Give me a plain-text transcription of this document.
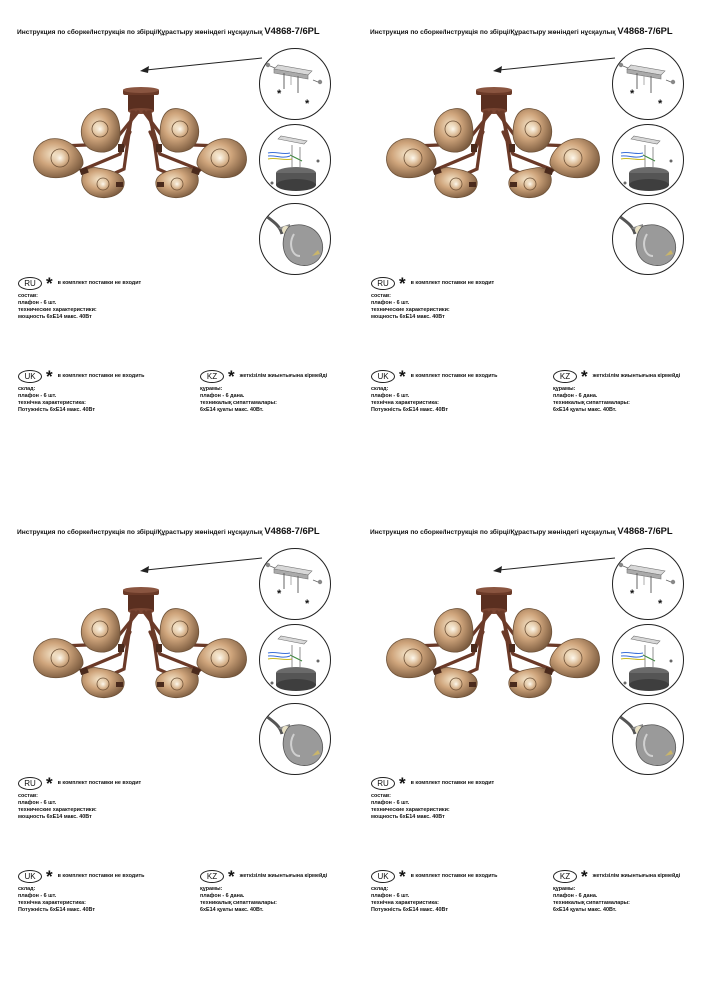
Инструкция по сборке/Інструкція по збірці/Құрастыру жөніндегі нұсқаулық V4868-7/6PL
*
*
RU * в комплект поставки не входит
состав:
плафон - 6 шт.
технические характеристики:
мощность 6xE14 макс. 40Вт
UK * в комплект поставки не входить
склад:
плафон - 6 шт.
технічна характеристика:
Потужність 6xE14 макс. 40Вт
KZ * жеткізілім жиынтығына кірмейді
құрамы:
плафон - 6 дана.
техникалық сипаттамалары:
6xE14 қуаты макс. 40Вт.
Инструкция по сборке/Інструкція по збірці/Құрастыру жөніндегі нұсқаулық V4868-7/6PL
*
*
RU * в комплект поставки не входит
состав:
плафон - 6 шт.
технические характеристики:
мощность 6xE14 макс. 40Вт
UK * в комплект поставки не входить
склад:
плафон - 6 шт.
технічна характеристика:
Потужність 6xE14 макс. 40Вт
KZ * жеткізілім жиынтығына кірмейді
құрамы:
плафон - 6 дана.
техникалық сипаттамалары:
6xE14 қуаты макс. 40Вт.
Инструкция по сборке/Інструкція по збірці/Құрастыру жөніндегі нұсқаулық V4868-7/6PL
*
*
RU * в комплект поставки не входит
состав:
плафон - 6 шт.
технические характеристики:
мощность 6xE14 макс. 40Вт
UK * в комплект поставки не входить
склад:
плафон - 6 шт.
технічна характеристика:
Потужність 6xE14 макс. 40Вт
KZ * жеткізілім жиынтығына кірмейді
құрамы:
плафон - 6 дана.
техникалық сипаттамалары:
6xE14 қуаты макс. 40Вт.
Инструкция по сборке/Інструкція по збірці/Құрастыру жөніндегі нұсқаулық V4868-7/6PL
*
*
RU * в комплект поставки не входит
состав:
плафон - 6 шт.
технические характеристики:
мощность 6xE14 макс. 40Вт
UK * в комплект поставки не входить
склад:
плафон - 6 шт.
технічна характеристика:
Потужність 6xE14 макс. 40Вт
KZ * жеткізілім жиынтығына кірмейді
құрамы:
плафон - 6 дана.
техникалық сипаттамалары:
6xE14 қуаты макс. 40Вт.
